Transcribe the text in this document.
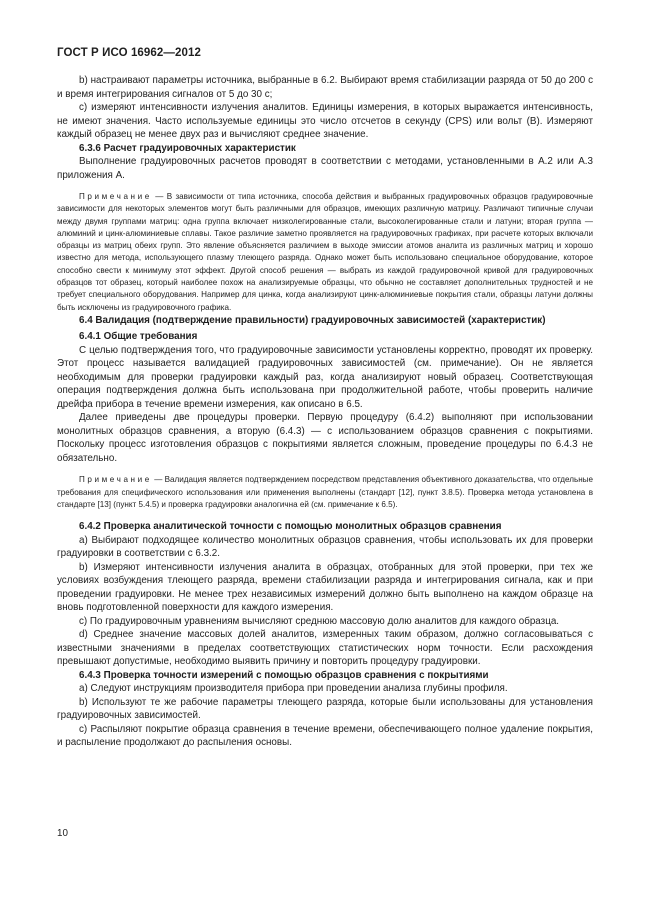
ГОСТ Р ИСО 16962—2012

b) настраивают параметры источника, выбранные в 6.2. Выбирают время стабилизации разряда от 50 до 200 с и время интегрирования сигналов от 5 до 30 с;

c) измеряют интенсивности излучения аналитов. Единицы измерения, в которых выражается интенсивность, не имеют значения. Часто используемые единицы это число отсчетов в секунду (CPS) или вольт (В). Измеряют каждый образец не менее двух раз и вычисляют среднее значение.

6.3.6 Расчет градуировочных характеристик

Выполнение градуировочных расчетов проводят в соответствии с методами, установленными в А.2 или А.3 приложения А.

Примечание — В зависимости от типа источника, способа действия и выбранных градуировочных образцов градуировочные зависимости для некоторых элементов могут быть различными для образцов, имеющих различную матрицу. Различают типичные случаи между двумя группами матриц: одна группа включает низколегированные стали, высоколегированные стали и латуни; вторая группа — алюминий и цинк-алюминиевые сплавы. Такое различие заметно проявляется на градуировочных графиках, при расчете которых включали образцы из матриц обеих групп. Это явление объясняется различием в выходе эмиссии атомов аналита из различных матриц и хорошо известно для метода, использующего плазму тлеющего разряда. Однако может быть использовано специальное оборудование, которое способно свести к минимуму этот эффект. Другой способ решения — выбрать из каждой градуировочной кривой для градуировочных образцов тот образец, который наиболее похож на анализируемые образцы, что обычно не составляет дополнительных трудностей и не требует специального оборудования. Например для цинка, когда анализируют цинк-алюминиевые покрытия стали, образцы латуни должны быть исключены из градуировочного графика.

6.4 Валидация (подтверждение правильности) градуировочных зависимостей (характеристик)
6.4.1 Общие требования

С целью подтверждения того, что градуировочные зависимости установлены корректно, проводят их проверку. Этот процесс называется валидацией градуировочных зависимостей (см. примечание). Он не является необходимым для проверки градуировки каждый раз, когда анализируют новый образец. Соответствующая операция подтверждения должна быть использована при продолжительной работе, чтобы проверить наличие дрейфа прибора в течение времени измерения, как описано в 6.5.

Далее приведены две процедуры проверки. Первую процедуру (6.4.2) выполняют при использовании монолитных образцов сравнения, а вторую (6.4.3) — с использованием образцов сравнения с покрытиями. Поскольку процесс изготовления образцов с покрытиями является сложным, проведение процедуры по 6.4.3 не обязательно.

Примечание — Валидация является подтверждением посредством представления объективного доказательства, что отдельные требования для специфического использования или применения выполнены (стандарт [12], пункт 3.8.5). Проверка метода установлена в стандарте [13] (пункт 5.4.5) и проверка градуировки аналогична ей (см. примечание к 6.5).

6.4.2 Проверка аналитической точности с помощью монолитных образцов сравнения

a) Выбирают подходящее количество монолитных образцов сравнения, чтобы использовать их для проверки градуировки в соответствии с 6.3.2.

b) Измеряют интенсивности излучения аналита в образцах, отобранных для этой проверки, при тех же условиях возбуждения тлеющего разряда, времени стабилизации разряда и интегрирования сигнала, как и при проведении градуировки. Не менее трех независимых измерений должно быть выполнено на каждом образце на вновь подготовленной поверхности для каждого измерения.

c) По градуировочным уравнениям вычисляют среднюю массовую долю аналитов для каждого образца.

d) Среднее значение массовых долей аналитов, измеренных таким образом, должно согласовываться с известными значениями в пределах соответствующих статистических норм точности. Если расхождения превышают допустимые, необходимо выявить причину и повторить процедуру градуировки.

6.4.3 Проверка точности измерений с помощью образцов сравнения с покрытиями

a) Следуют инструкциям производителя прибора при проведении анализа глубины профиля.

b) Используют те же рабочие параметры тлеющего разряда, которые были использованы для установления градуировочных зависимостей.

c) Распыляют покрытие образца сравнения в течение времени, обеспечивающего полное удаление покрытия, и распыление продолжают до распыления основы.

10
